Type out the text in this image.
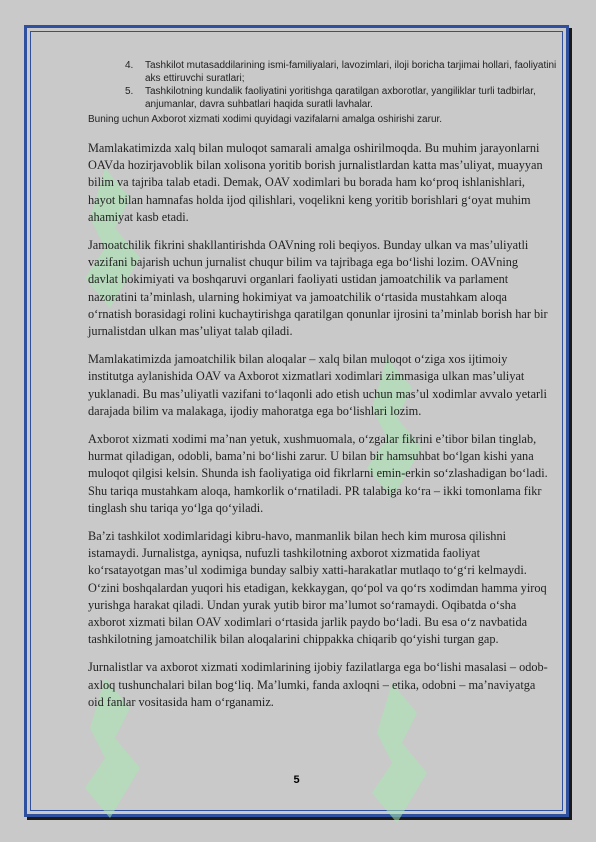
4. Tashkilot mutasaddilarining ismi-familiyalari, lavozimlari, iloji boricha tarjimai hollari, faoliyatini aks ettiruvchi suratlari;
5. Tashkilotning kundalik faoliyatini yoritishga qaratilgan axborotlar, yangiliklar turli tadbirlar, anjumanlar, davra suhbatlari haqida suratli lavhalar.
Buning uchun Axborot xizmati xodimi quyidagi vazifalarni amalga oshirishi zarur.

Mamlakatimizda xalq bilan muloqot samarali amalga oshirilmoqda. Bu muhim jarayonlarni OAVda hozirjavoblik bilan xolisona yoritib borish jurnalistlardan katta mas’uliyat, muayyan bilim va tajriba talab etadi. Demak, OAV xodimlari bu borada ham ko‘proq ishlanishlari, hayot bilan hamnafas holda ijod qilishlari, voqelikni keng yoritib borishlari g‘oyat muhim ahamiyat kasb etadi.

Jamoatchilik fikrini shakllantirishda OAVning roli beqiyos. Bunday ulkan va mas’uliyatli vazifani bajarish uchun jurnalist chuqur bilim va tajribaga ega bo‘lishi lozim. OAVning davlat hokimiyati va boshqaruvi organlari faoliyati ustidan jamoatchilik va parlament nazoratini ta’minlash, ularning hokimiyat va jamoatchilik o‘rtasida mustahkam aloqa o‘rnatish borasidagi rolini kuchaytirishga qaratilgan qonunlar ijrosini ta’minlab borish har bir jurnalistdan ulkan mas’uliyat talab qiladi.

Mamlakatimizda jamoatchilik bilan aloqalar – xalq bilan muloqot o‘ziga xos ijtimoiy institutga aylanishida OAV va Axborot xizmatlari xodimlari zimmasiga ulkan mas’uliyat yuklanadi. Bu mas’uliyatli vazifani to‘laqonli ado etish uchun mas’ul xodimlar avvalo yetarli darajada bilim va malakaga, ijodiy mahoratga ega bo‘lishlari lozim.

Axborot xizmati xodimi ma’nan yetuk, xushmuomala, o‘zgalar fikrini e’tibor bilan tinglab, hurmat qiladigan, odobli, bama’ni bo‘lishi zarur. U bilan bir hamsuhbat bo‘lgan kishi yana muloqot qilgisi kelsin. Shunda ish faoliyatiga oid fikrlarni emin-erkin so‘zlashadigan bo‘ladi. Shu tariqa mustahkam aloqa, hamkorlik o‘rnatiladi. PR talabiga ko‘ra – ikki tomonlama fikr tinglash shu tariqa yo‘lga qo‘yiladi.

Ba’zi tashkilot xodimlaridagi kibru-havo, manmanlik bilan hech kim murosa qilishni istamaydi. Jurnalistga, ayniqsa, nufuzli tashkilotning axborot xizmatida faoliyat ko‘rsatayotgan mas’ul xodimiga bunday salbiy xatti-harakatlar mutlaqo to‘g‘ri kelmaydi. O‘zini boshqalardan yuqori his etadigan, kekkaygan, qo‘pol va qo‘rs xodimdan hamma yiroq yurishga harakat qiladi. Undan yurak yutib biror ma’lumot so‘ramaydi. Oqibatda o‘sha axborot xizmati bilan OAV xodimlari o‘rtasida jarlik paydo bo‘ladi. Bu esa o‘z navbatida tashkilotning jamoatchilik bilan aloqalarini chippakka chiqarib qo‘yishi turgan gap.

Jurnalistlar va axborot xizmati xodimlarining ijobiy fazilatlarga ega bo‘lishi masalasi – odob-axloq tushunchalari bilan bog‘liq. Ma’lumki, fanda axloqni – etika, odobni – ma’naviyatga oid fanlar vositasida ham o‘rganamiz.

5
